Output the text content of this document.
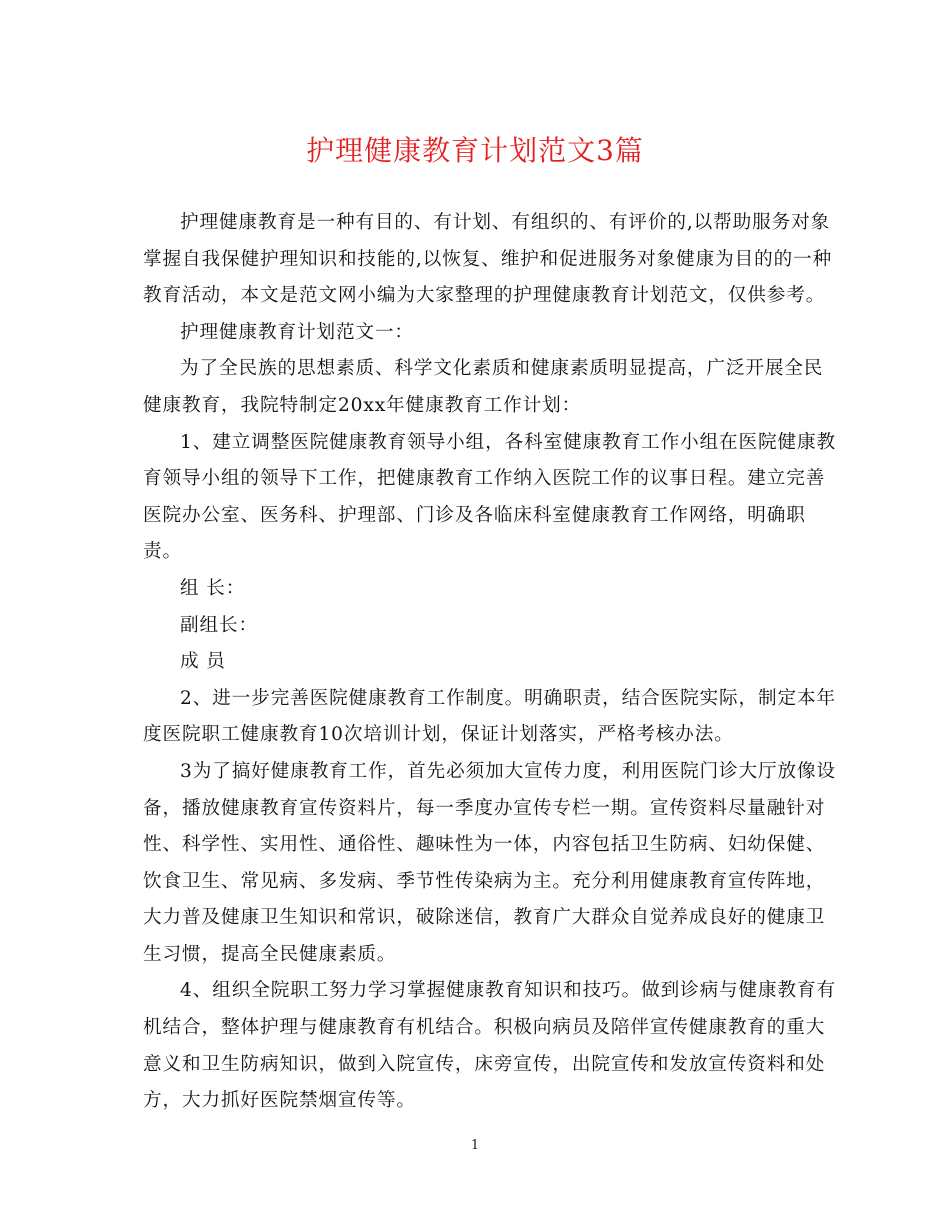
护理健康教育计划范文3篇
护理健康教育是一种有目的、有计划、有组织的、有评价的,以帮助服务对象
掌握自我保健护理知识和技能的,以恢复、维护和促进服务对象健康为目的的一种
教育活动，本文是范文网小编为大家整理的护理健康教育计划范文，仅供参考。
护理健康教育计划范文一：
为了全民族的思想素质、科学文化素质和健康素质明显提高，广泛开展全民
健康教育，我院特制定20xx年健康教育工作计划：
1、建立调整医院健康教育领导小组，各科室健康教育工作小组在医院健康教
育领导小组的领导下工作，把健康教育工作纳入医院工作的议事日程。建立完善
医院办公室、医务科、护理部、门诊及各临床科室健康教育工作网络，明确职
责。
组 长：
副组长：
成 员
2、进一步完善医院健康教育工作制度。明确职责，结合医院实际，制定本年
度医院职工健康教育10次培训计划，保证计划落实，严格考核办法。
3为了搞好健康教育工作，首先必须加大宣传力度，利用医院门诊大厅放像设
备，播放健康教育宣传资料片，每一季度办宣传专栏一期。宣传资料尽量融针对
性、科学性、实用性、通俗性、趣味性为一体，内容包括卫生防病、妇幼保健、
饮食卫生、常见病、多发病、季节性传染病为主。充分利用健康教育宣传阵地，
大力普及健康卫生知识和常识，破除迷信，教育广大群众自觉养成良好的健康卫
生习惯，提高全民健康素质。
4、组织全院职工努力学习掌握健康教育知识和技巧。做到诊病与健康教育有
机结合，整体护理与健康教育有机结合。积极向病员及陪伴宣传健康教育的重大
意义和卫生防病知识，做到入院宣传，床旁宣传，出院宣传和发放宣传资料和处
方，大力抓好医院禁烟宣传等。
1
